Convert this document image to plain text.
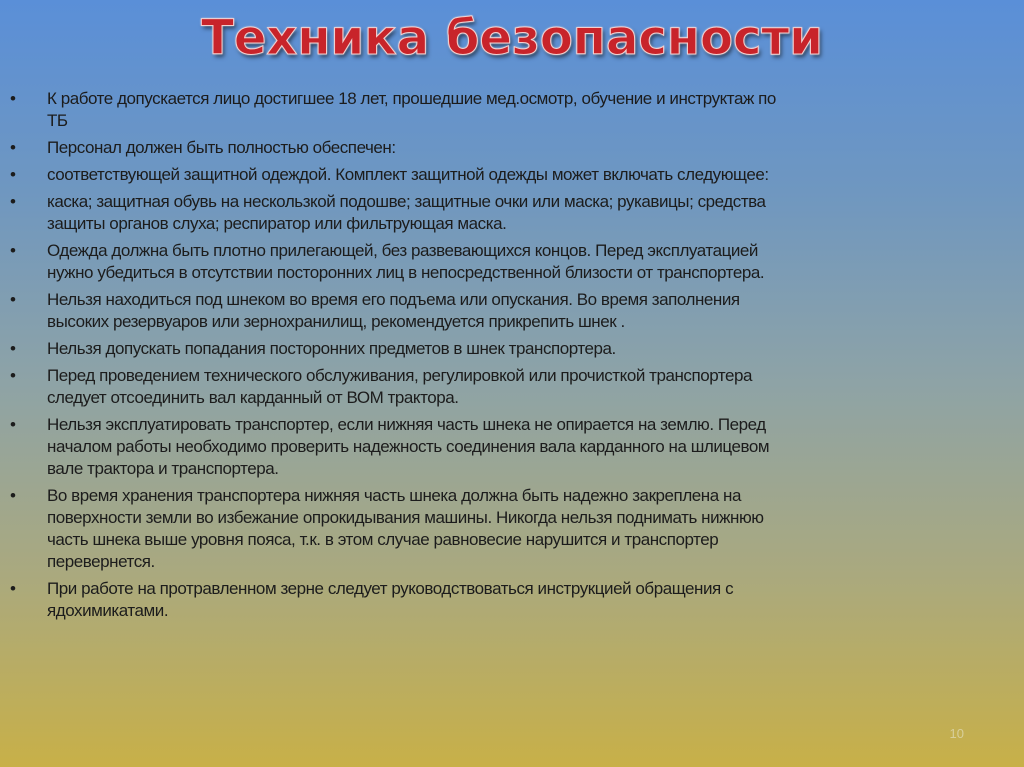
Техника безопасности
• К работе допускается лицо достигшее 18 лет, прошедшие мед.осмотр, обучение и инструктаж по
ТБ
• Персонал должен быть полностью обеспечен:
• соответствующей защитной одеждой. Комплект защитной одежды может включать следующее:
• каска; защитная обувь на нескользкой подошве; защитные очки или маска; рукавицы; средства
защиты органов слуха; респиратор или фильтрующая маска.
• Одежда должна быть плотно прилегающей, без развевающихся концов. Перед эксплуатацией
нужно убедиться в отсутствии посторонних лиц в непосредственной близости от транспортера.
• Нельзя находиться под шнеком во время его подъема или опускания. Во время заполнения
высоких резервуаров или зернохранилищ, рекомендуется прикрепить шнек .
• Нельзя допускать попадания посторонних предметов в шнек транспортера.
• Перед проведением технического обслуживания, регулировкой или прочисткой транспортера
следует отсоединить вал карданный от ВОМ трактора.
• Нельзя эксплуатировать транспортер, если нижняя часть шнека не опирается на землю. Перед
началом работы необходимо проверить надежность соединения вала карданного на шлицевом
вале трактора и транспортера.
• Во время хранения транспортера нижняя часть шнека должна быть надежно закреплена на
поверхности земли во избежание опрокидывания машины. Никогда нельзя поднимать нижнюю
часть шнека выше уровня пояса, т.к. в этом случае равновесие нарушится и транспортер
перевернется.
• При работе на протравленном зерне следует руководствоваться инструкцией обращения с
ядохимикатами.
10
